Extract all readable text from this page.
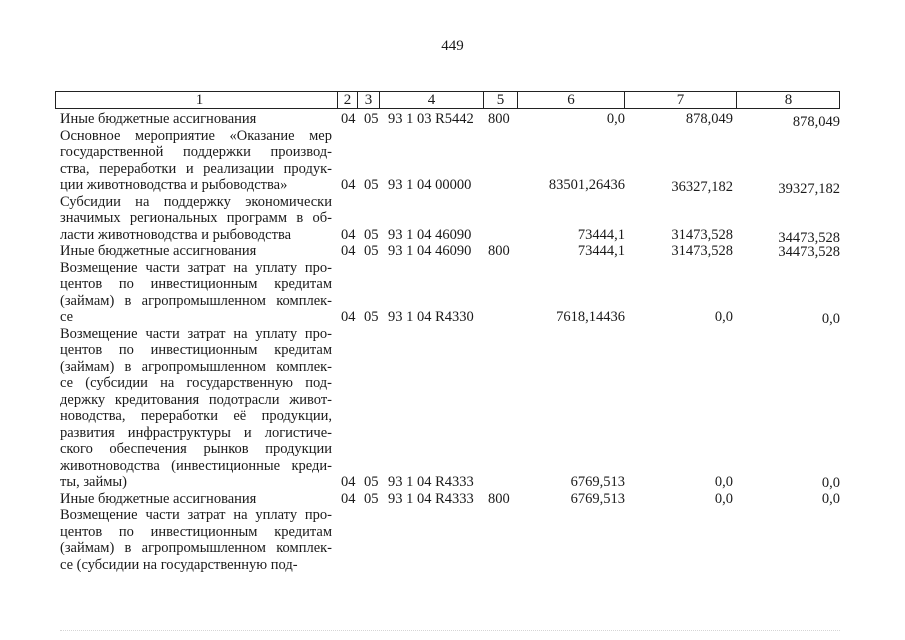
449
1	2 3	4	5	6	7	8
Иные бюджетные ассигнования	04 05 93 1 03 R5442 800	0,0	878,049	878,049
Основное мероприятие «Оказание мер
государственной поддержки производ-
ства, переработки и реализации продук-
ции животноводства и рыбоводства»	04 05 93 1 04 00000	83501,26436	36327,182	39327,182
Субсидии на поддержку экономически
значимых региональных программ в об-
ласти животноводства и рыбоводства	04 05 93 1 04 46090	73444,1	31473,528	34473,528
Иные бюджетные ассигнования	04 05 93 1 04 46090 800	73444,1	31473,528	34473,528
Возмещение части затрат на уплату про-
центов по инвестиционным кредитам
(займам) в агропромышленном комплек-
се	04 05 93 1 04 R4330	7618,14436	0,0	0,0
Возмещение части затрат на уплату про-
центов по инвестиционным кредитам
(займам) в агропромышленном комплек-
се (субсидии на государственную под-
держку кредитования подотрасли живот-
новодства, переработки её продукции,
развития инфраструктуры и логистиче-
ского обеспечения рынков продукции
животноводства (инвестиционные креди-
ты, займы)	04 05 93 1 04 R4333	6769,513	0,0	0,0
Иные бюджетные ассигнования	04 05 93 1 04 R4333 800	6769,513	0,0	0,0
Возмещение части затрат на уплату про-
центов по инвестиционным кредитам
(займам) в агропромышленном комплек-
се (субсидии на государственную под-
